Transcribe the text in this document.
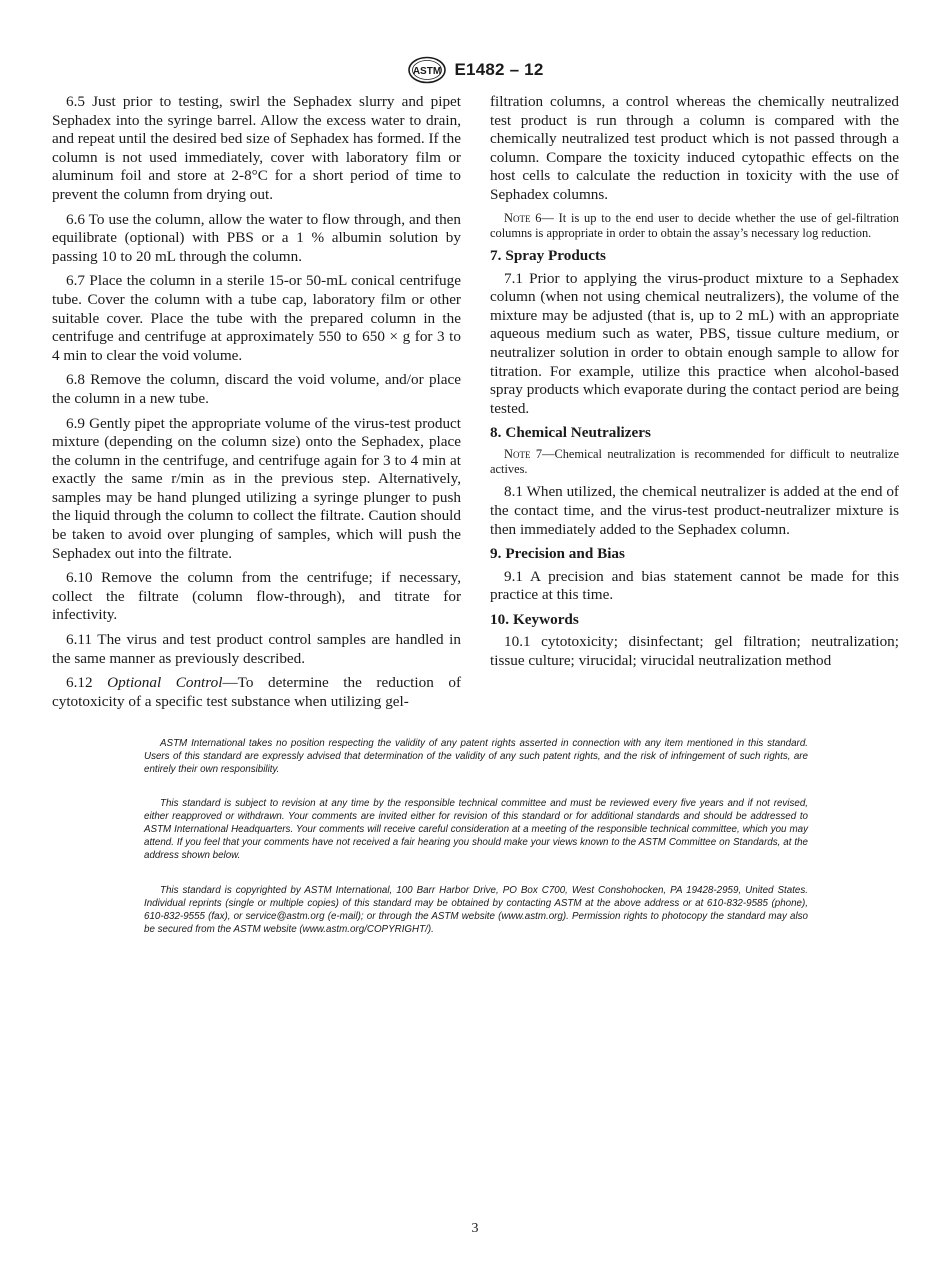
ASTM E1482 – 12

6.5 Just prior to testing, swirl the Sephadex slurry and pipet Sephadex into the syringe barrel. Allow the excess water to drain, and repeat until the desired bed size of Sephadex has formed. If the column is not used immediately, cover with laboratory film or aluminum foil and store at 2-8°C for a short period of time to prevent the column from drying out.

6.6 To use the column, allow the water to flow through, and then equilibrate (optional) with PBS or a 1 % albumin solution by passing 10 to 20 mL through the column.

6.7 Place the column in a sterile 15-or 50-mL conical centrifuge tube. Cover the column with a tube cap, laboratory film or other suitable cover. Place the tube with the prepared column in the centrifuge and centrifuge at approximately 550 to 650 × g for 3 to 4 min to clear the void volume.

6.8 Remove the column, discard the void volume, and/or place the column in a new tube.

6.9 Gently pipet the appropriate volume of the virus-test product mixture (depending on the column size) onto the Sephadex, place the column in the centrifuge, and centrifuge again for 3 to 4 min at exactly the same r/min as in the previous step. Alternatively, samples may be hand plunged utilizing a syringe plunger to push the liquid through the column to collect the filtrate. Caution should be taken to avoid over plunging of samples, which will push the Sephadex out into the filtrate.

6.10 Remove the column from the centrifuge; if necessary, collect the filtrate (column flow-through), and titrate for infectivity.

6.11 The virus and test product control samples are handled in the same manner as previously described.

6.12 Optional Control—To determine the reduction of cytotoxicity of a specific test substance when utilizing gel-

filtration columns, a control whereas the chemically neutralized test product is run through a column is compared with the chemically neutralized test product which is not passed through a column. Compare the toxicity induced cytopathic effects on the host cells to calculate the reduction in toxicity with the use of Sephadex columns.

Note 6— It is up to the end user to decide whether the use of gel-filtration columns is appropriate in order to obtain the assay’s necessary log reduction.

7. Spray Products

7.1 Prior to applying the virus-product mixture to a Sephadex column (when not using chemical neutralizers), the volume of the mixture may be adjusted (that is, up to 2 mL) with an appropriate aqueous medium such as water, PBS, tissue culture medium, or neutralizer solution in order to obtain enough sample to allow for titration. For example, utilize this practice when alcohol-based spray products which evaporate during the contact period are being tested.

8. Chemical Neutralizers

Note 7—Chemical neutralization is recommended for difficult to neutralize actives.

8.1 When utilized, the chemical neutralizer is added at the end of the contact time, and the virus-test product-neutralizer mixture is then immediately added to the Sephadex column.

9. Precision and Bias

9.1 A precision and bias statement cannot be made for this practice at this time.

10. Keywords

10.1 cytotoxicity; disinfectant; gel filtration; neutralization; tissue culture; virucidal; virucidal neutralization method

ASTM International takes no position respecting the validity of any patent rights asserted in connection with any item mentioned in this standard. Users of this standard are expressly advised that determination of the validity of any such patent rights, and the risk of infringement of such rights, are entirely their own responsibility.

This standard is subject to revision at any time by the responsible technical committee and must be reviewed every five years and if not revised, either reapproved or withdrawn. Your comments are invited either for revision of this standard or for additional standards and should be addressed to ASTM International Headquarters. Your comments will receive careful consideration at a meeting of the responsible technical committee, which you may attend. If you feel that your comments have not received a fair hearing you should make your views known to the ASTM Committee on Standards, at the address shown below.

This standard is copyrighted by ASTM International, 100 Barr Harbor Drive, PO Box C700, West Conshohocken, PA 19428-2959, United States. Individual reprints (single or multiple copies) of this standard may be obtained by contacting ASTM at the above address or at 610-832-9585 (phone), 610-832-9555 (fax), or service@astm.org (e-mail); or through the ASTM website (www.astm.org). Permission rights to photocopy the standard may also be secured from the ASTM website (www.astm.org/COPYRIGHT/).

3
